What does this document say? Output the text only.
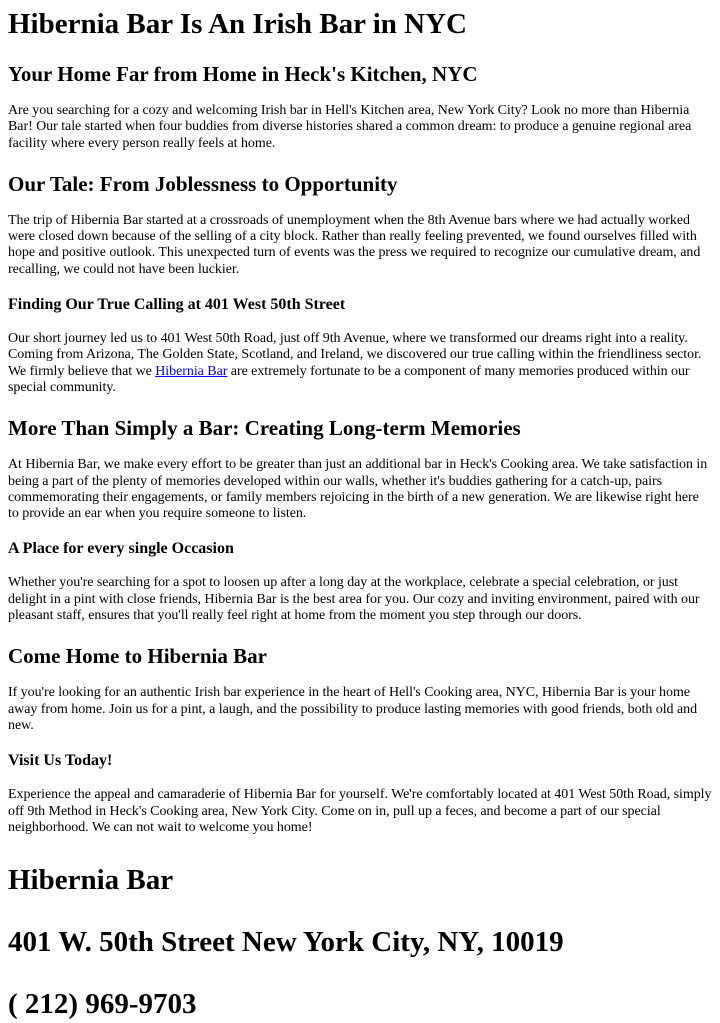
Hibernia Bar Is An Irish Bar in NYC
Your Home Far from Home in Heck's Kitchen, NYC

Are you searching for a cozy and welcoming Irish bar in Hell's Kitchen area, New York City? Look no more than Hibernia Bar! Our tale started when four buddies from diverse histories shared a common dream: to produce a genuine regional area facility where every person really feels at home.

Our Tale: From Joblessness to Opportunity

The trip of Hibernia Bar started at a crossroads of unemployment when the 8th Avenue bars where we had actually worked were closed down because of the selling of a city block. Rather than really feeling prevented, we found ourselves filled with hope and positive outlook. This unexpected turn of events was the press we required to recognize our cumulative dream, and recalling, we could not have been luckier.

Finding Our True Calling at 401 West 50th Street

Our short journey led us to 401 West 50th Road, just off 9th Avenue, where we transformed our dreams right into a reality. Coming from Arizona, The Golden State, Scotland, and Ireland, we discovered our true calling within the friendliness sector. We firmly believe that we Hibernia Bar are extremely fortunate to be a component of many memories produced within our special community.

More Than Simply a Bar: Creating Long-term Memories

At Hibernia Bar, we make every effort to be greater than just an additional bar in Heck's Cooking area. We take satisfaction in being a part of the plenty of memories developed within our walls, whether it's buddies gathering for a catch-up, pairs commemorating their engagements, or family members rejoicing in the birth of a new generation. We are likewise right here to provide an ear when you require someone to listen.

A Place for every single Occasion

Whether you're searching for a spot to loosen up after a long day at the workplace, celebrate a special celebration, or just delight in a pint with close friends, Hibernia Bar is the best area for you. Our cozy and inviting environment, paired with our pleasant staff, ensures that you'll really feel right at home from the moment you step through our doors.

Come Home to Hibernia Bar

If you're looking for an authentic Irish bar experience in the heart of Hell's Cooking area, NYC, Hibernia Bar is your home away from home. Join us for a pint, a laugh, and the possibility to produce lasting memories with good friends, both old and new.

Visit Us Today!

Experience the appeal and camaraderie of Hibernia Bar for yourself. We're comfortably located at 401 West 50th Road, simply off 9th Method in Heck's Cooking area, New York City. Come on in, pull up a feces, and become a part of our special neighborhood. We can not wait to welcome you home!

Hibernia Bar
401 W. 50th Street New York City, NY, 10019
( 212) 969-9703
